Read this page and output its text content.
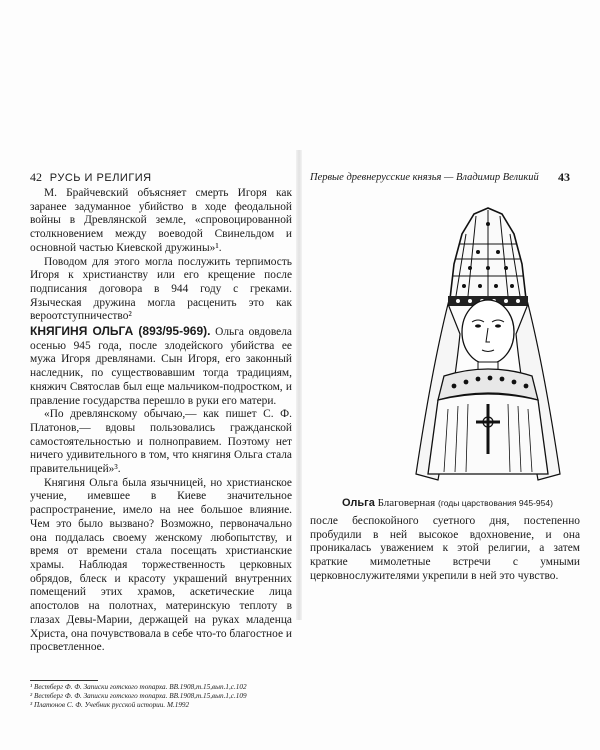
42 РУСЬ И РЕЛИГИЯ

М. Брайчевский объясняет смерть Игоря как заранее задуманное убийство в ходе феодальной войны в Древлянской земле, «спровоцированной столкновением между воеводой Свинельдом и основной частью Киевской дружины»¹.

Поводом для этого могла послужить терпимость Игоря к христианству или его крещение после подписания договора в 944 году с греками. Языческая дружина могла расценить это как вероотступничество²

КНЯГИНЯ ОЛЬГА (893/95-969). Ольга овдовела осенью 945 года, после злодейского убийства ее мужа Игоря древлянами. Сын Игоря, его законный наследник, по существовавшим тогда традициям, княжич Святослав был еще мальчиком-подростком, и правление государства перешло в руки его матери.

«По древлянскому обычаю,— как пишет С. Ф. Платонов,— вдовы пользовались гражданской самостоятельностью и полноправием. Поэтому нет ничего удивительного в том, что княгиня Ольга стала правительницей»³.

Княгиня Ольга была язычницей, но христианское учение, имевшее в Киеве значительное распространение, имело на нее большое влияние. Чем это было вызвано? Возможно, первоначально она поддалась своему женскому любопытству, и время от времени стала посещать христианские храмы. Наблюдая торжественность церковных обрядов, блеск и красоту украшений внутренних помещений этих храмов, аскетические лица апостолов на полотнах, материнскую теплоту в глазах Девы-Марии, держащей на руках младенца Христа, она почувствовала в себе что-то благостное и просветленное.

¹ Вестберг Ф. Ф. Записки готского топарха. ВВ.1908,т.15,вып.1,с.102
² Вестберг Ф. Ф. Записки готского топарха. ВВ.1908,т.15,вып.1,с.109
³ Платонов С. Ф. Учебник русской истории. М.1992
Первые древнерусские князья — Владимир Великий 43
Ольга Благоверная (годы царствования 945-954)

после беспокойного суетного дня, постепенно пробудили в ней высокое вдохновение, и она проникалась уважением к этой религии, а затем краткие мимолетные встречи с умными церковнослужителями укрепили в ней это чувство.
